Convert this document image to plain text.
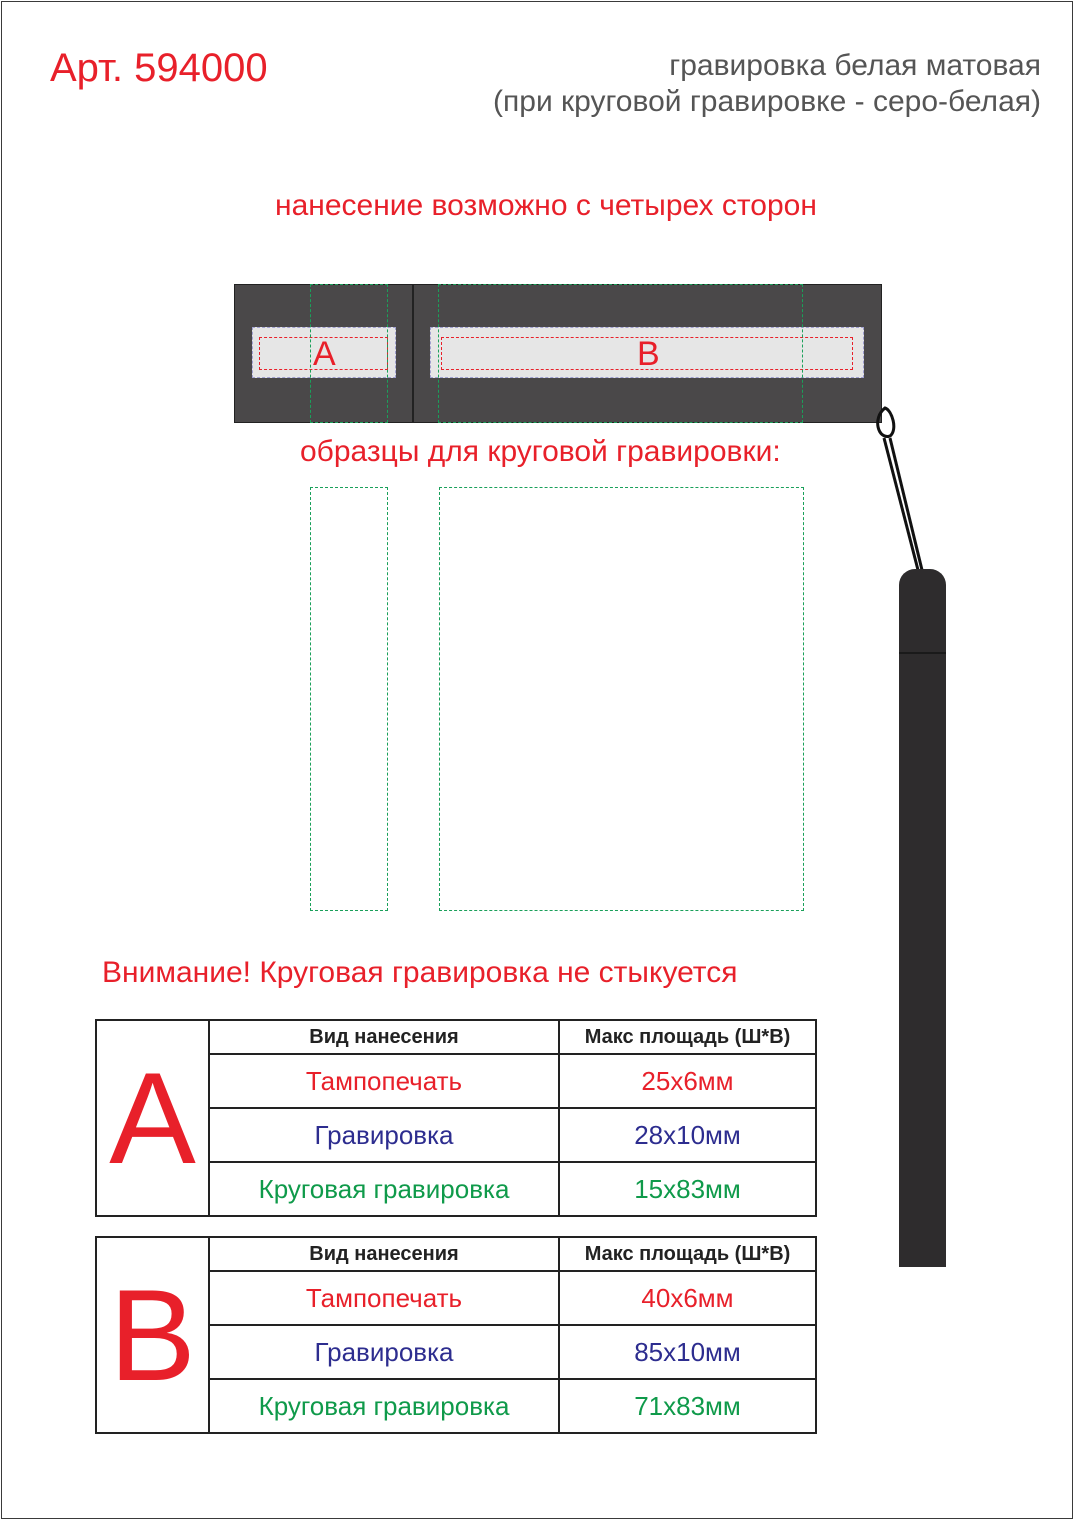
Арт. 594000	гравировка белая матовая
(при круговой гравировке - серо-белая)
нанесение возможно с четырех сторон
A	B
образцы для круговой гравировки:
Внимание! Круговая гравировка не стыкуется
A	Вид нанесения	Макс площадь (Ш*В)
	Тампопечать	25x6мм
	Гравировка	28x10мм
	Круговая гравировка	15x83мм
B	Вид нанесения	Макс площадь (Ш*В)
	Тампопечать	40x6мм
	Гравировка	85x10мм
	Круговая гравировка	71x83мм
